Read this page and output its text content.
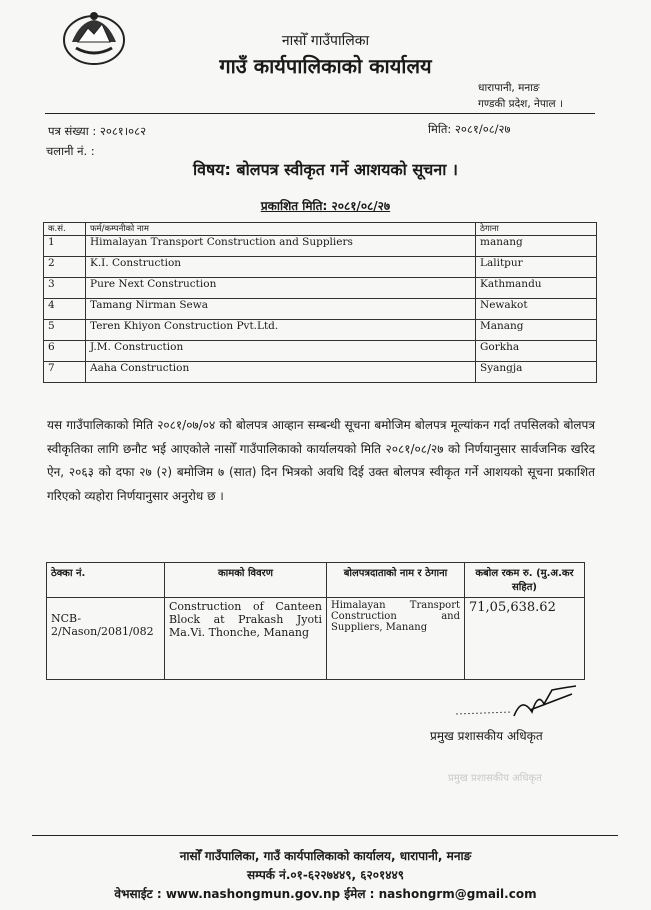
नासोँ गाउँपालिका
गाउँ कार्यपालिकाको कार्यालय
धारापानी, मनाङ
गण्डकी प्रदेश, नेपाल ।
पत्र संख्या : २०८१।०८२
चलानी नं. :
मिति: २०८१/०८/२७
विषय: बोलपत्र स्वीकृत गर्ने आशयको सूचना ।
प्रकाशित मिति: २०८१/०८/२७
क.सं.	फर्म/कम्पनीको नाम	ठेगाना
1	Himalayan Transport Construction and Suppliers	manang
2	K.I. Construction	Lalitpur
3	Pure Next Construction	Kathmandu
4	Tamang Nirman Sewa	Newakot
5	Teren Khiyon Construction Pvt.Ltd.	Manang
6	J.M. Construction	Gorkha
7	Aaha Construction	Syangja
यस गाउँपालिकाको मिति २०८१/०७/०४ को बोलपत्र आव्हान सम्बन्धी सूचना बमोजिम बोलपत्र मूल्यांकन गर्दा तपसिलको बोलपत्र स्वीकृतिका लागि छनौट भई आएकोले नासोँ गाउँपालिकाको कार्यालयको मिति २०८१/०८/२७ को निर्णयानुसार सार्वजनिक खरिद ऐन, २०६३ को दफा २७ (२) बमोजिम ७ (सात) दिन भित्रको अवधि दिई उक्त बोलपत्र स्वीकृत गर्ने आशयको सूचना प्रकाशित गरिएको व्यहोरा निर्णयानुसार अनुरोध छ ।
ठेक्का नं.	कामको विवरण	बोलपत्रदाताको नाम र ठेगाना	कबोल रकम रु. (मु.अ.कर सहित)
NCB-2/Nason/2081/082	Construction of Canteen Block at Prakash Jyoti Ma.Vi. Thonche, Manang	Himalayan Transport Construction and Suppliers, Manang	71,05,638.62
प्रमुख प्रशासकीय अधिकृत
प्रमुख प्रशासकीय अधिकृत
नासोँ गाउँपालिका, गाउँ कार्यपालिकाको कार्यालय, धारापानी, मनाङ
सम्पर्क नं.०१-६२२७४४९, ६२०१४४९
वेभसाईट : www.nashongmun.gov.np ईमेल : nashongrm@gmail.com
